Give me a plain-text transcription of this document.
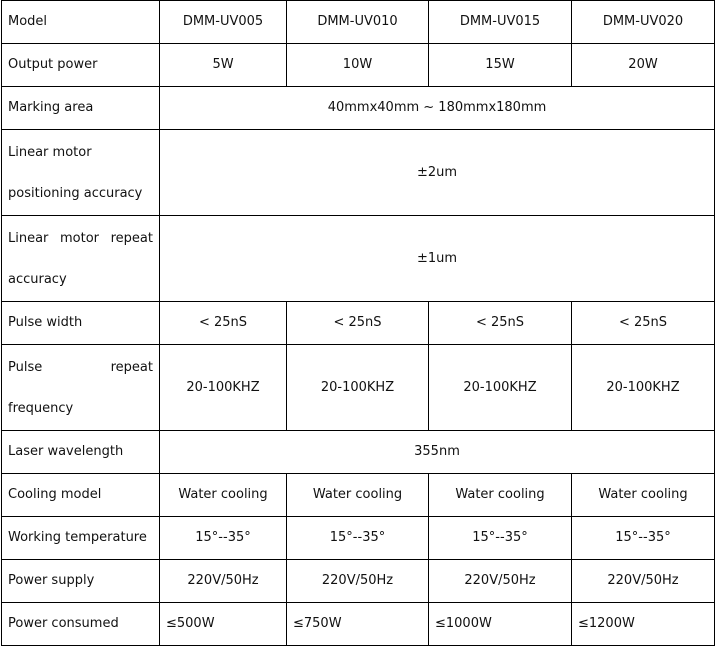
Model	DMM-UV005	DMM-UV010	DMM-UV015	DMM-UV020
Output power	5W	10W	15W	20W
Marking area	40mmx40mm ~ 180mmx180mm			

Linear motor
positioning accuracy	±2um			

Linear motor repeat
accuracy	±1um			
Pulse width	< 25nS	< 25nS	< 25nS	< 25nS

Pulse repeat
frequency	20-100KHZ	20-100KHZ	20-100KHZ	20-100KHZ
Laser wavelength	355nm			
Cooling model	Water cooling	Water cooling	Water cooling	Water cooling
Working temperature	15°--35°	15°--35°	15°--35°	15°--35°
Power supply	220V/50Hz	220V/50Hz	220V/50Hz	220V/50Hz
Power consumed	≤500W	≤750W	≤1000W	≤1200W
